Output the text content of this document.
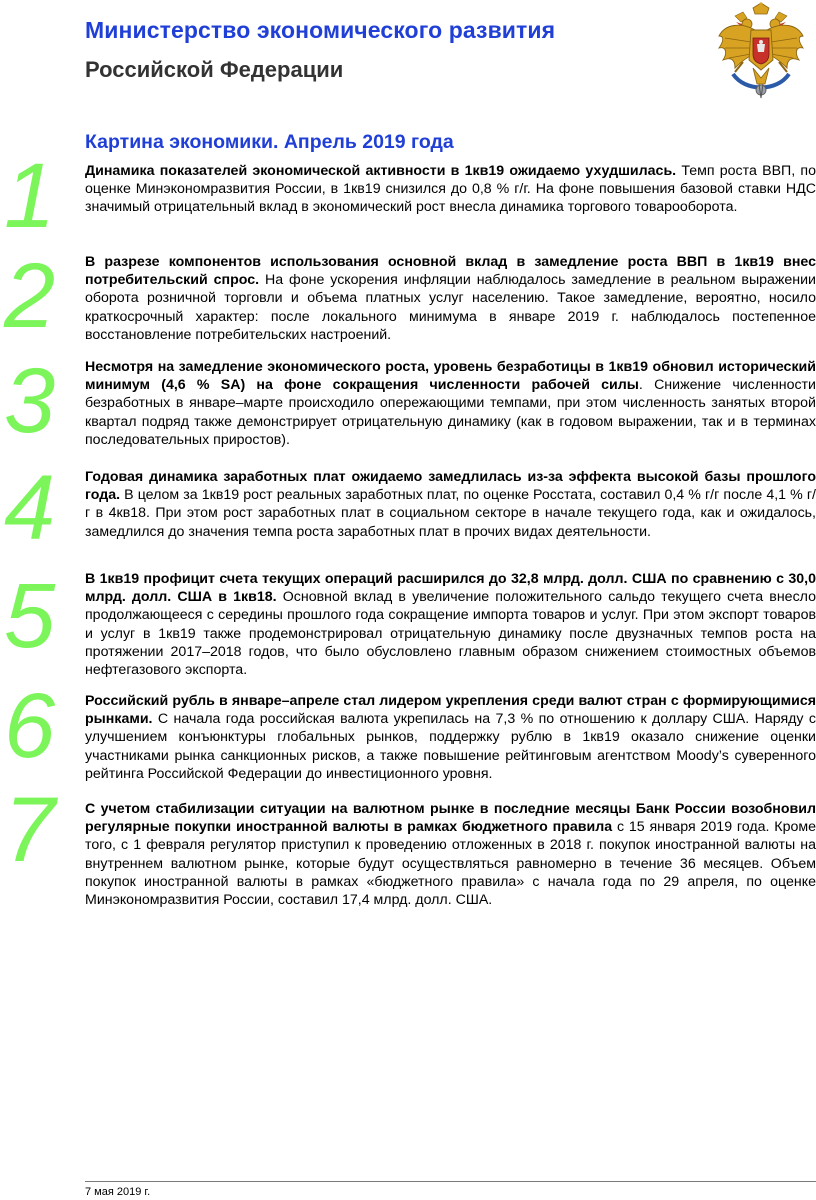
Министерство экономического развития
Российской Федерации
Картина экономики. Апрель 2019 года
1
2
3
4
5
6
7
Динамика показателей экономической активности в 1кв19 ожидаемо ухудшилась. Темп роста ВВП, по оценке Минэкономразвития России, в 1кв19 снизился до 0,8 % г/г. На фоне повышения базовой ставки НДС значимый отрицательный вклад в экономический рост внесла динамика торгового товарооборота.
В разрезе компонентов использования основной вклад в замедление роста ВВП в 1кв19 внес потребительский спрос. На фоне ускорения инфляции наблюдалось замедление в реальном выражении оборота розничной торговли и объема платных услуг населению. Такое замедление, вероятно, носило краткосрочный характер: после локального минимума в январе 2019 г. наблюдалось постепенное восстановление потребительских настроений.
Несмотря на замедление экономического роста, уровень безработицы в 1кв19 обновил исторический минимум (4,6 % SA) на фоне сокращения численности рабочей силы. Снижение численности безработных в январе–марте происходило опережающими темпами, при этом численность занятых второй квартал подряд также демонстрирует отрицательную динамику (как в годовом выражении, так и в терминах последовательных приростов).
Годовая динамика заработных плат ожидаемо замедлилась из-за эффекта высокой базы прошлого года. В целом за 1кв19 рост реальных заработных плат, по оценке Росстата, составил 0,4 % г/г после 4,1 % г/г в 4кв18. При этом рост заработных плат в социальном секторе в начале текущего года, как и ожидалось, замедлился до значения темпа роста заработных плат в прочих видах деятельности.
В 1кв19 профицит счета текущих операций расширился до 32,8 млрд. долл. США по сравнению с 30,0 млрд. долл. США в 1кв18. Основной вклад в увеличение положительного сальдо текущего счета внесло продолжающееся с середины прошлого года сокращение импорта товаров и услуг. При этом экспорт товаров и услуг в 1кв19 также продемонстрировал отрицательную динамику после двузначных темпов роста на протяжении 2017–2018 годов, что было обусловлено главным образом снижением стоимостных объемов нефтегазового экспорта.
Российский рубль в январе–апреле стал лидером укрепления среди валют стран с формирующимися рынками. С начала года российская валюта укрепилась на 7,3 % по отношению к доллару США. Наряду с улучшением конъюнктуры глобальных рынков, поддержку рублю в 1кв19 оказало снижение оценки участниками рынка санкционных рисков, а также повышение рейтинговым агентством Moody’s суверенного рейтинга Российской Федерации до инвестиционного уровня.
С учетом стабилизации ситуации на валютном рынке в последние месяцы Банк России возобновил регулярные покупки иностранной валюты в рамках бюджетного правила с 15 января 2019 года. Кроме того, с 1 февраля регулятор приступил к проведению отложенных в 2018 г. покупок иностранной валюты на внутреннем валютном рынке, которые будут осуществляться равномерно в течение 36 месяцев. Объем покупок иностранной валюты в рамках «бюджетного правила» с начала года по 29 апреля, по оценке Минэкономразвития России, составил 17,4 млрд. долл. США.
7 мая 2019 г.
